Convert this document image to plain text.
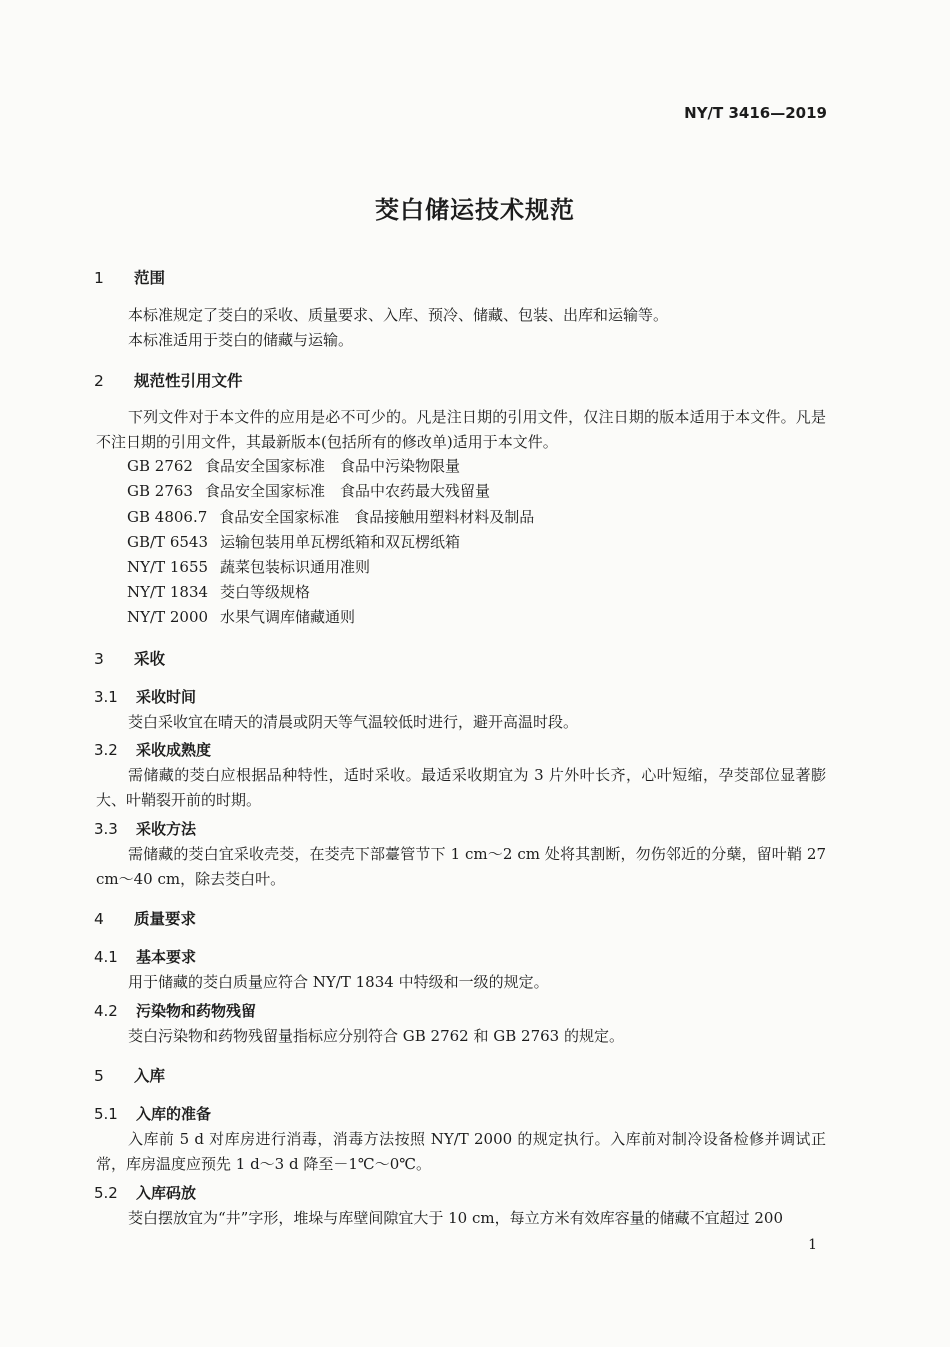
NY/T 3416—2019
茭白储运技术规范
1 范围
本标准规定了茭白的采收、质量要求、入库、预冷、储藏、包装、出库和运输等。
本标准适用于茭白的储藏与运输。
2 规范性引用文件
下列文件对于本文件的应用是必不可少的。凡是注日期的引用文件，仅注日期的版本适用于本文件。凡是不注日期的引用文件，其最新版本(包括所有的修改单)适用于本文件。
GB 2762 食品安全国家标准　食品中污染物限量
GB 2763 食品安全国家标准　食品中农药最大残留量
GB 4806.7 食品安全国家标准　食品接触用塑料材料及制品
GB/T 6543 运输包装用单瓦楞纸箱和双瓦楞纸箱
NY/T 1655 蔬菜包装标识通用准则
NY/T 1834 茭白等级规格
NY/T 2000 水果气调库储藏通则
3 采收
3.1 采收时间
茭白采收宜在晴天的清晨或阴天等气温较低时进行，避开高温时段。
3.2 采收成熟度
需储藏的茭白应根据品种特性，适时采收。最适采收期宜为 3 片外叶长齐，心叶短缩，孕茭部位显著膨大、叶鞘裂开前的时期。
3.3 采收方法
需储藏的茭白宜采收壳茭，在茭壳下部薹管节下 1 cm～2 cm 处将其割断，勿伤邻近的分蘖，留叶鞘 27 cm～40 cm，除去茭白叶。
4 质量要求
4.1 基本要求
用于储藏的茭白质量应符合 NY/T 1834 中特级和一级的规定。
4.2 污染物和药物残留
茭白污染物和药物残留量指标应分别符合 GB 2762 和 GB 2763 的规定。
5 入库
5.1 入库的准备
入库前 5 d 对库房进行消毒，消毒方法按照 NY/T 2000 的规定执行。入库前对制冷设备检修并调试正常，库房温度应预先 1 d～3 d 降至－1℃～0℃。
5.2 入库码放
茭白摆放宜为“井”字形，堆垛与库壁间隙宜大于 10 cm，每立方米有效库容量的储藏不宜超过 200
1
